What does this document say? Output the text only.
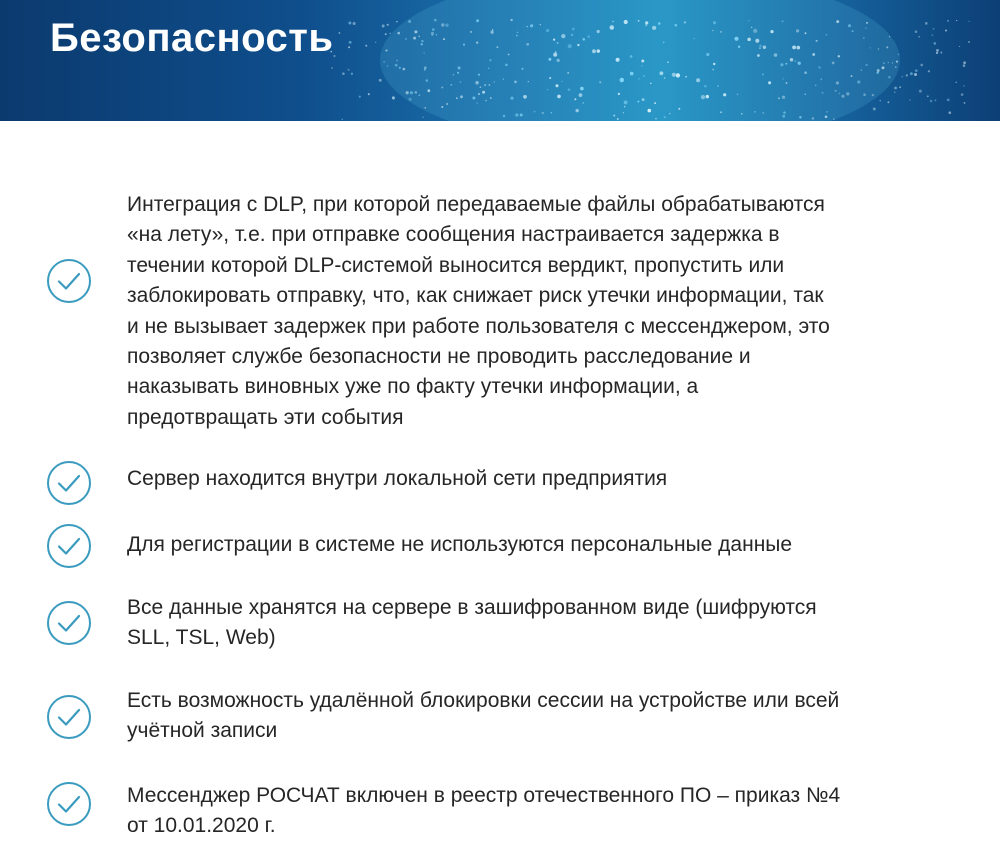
Безопасность

Интеграция с DLP, при которой передаваемые файлы обрабатываются
«на лету», т.е. при отправке сообщения настраивается задержка в
течении которой DLP-системой выносится вердикт, пропустить или
заблокировать отправку, что, как снижает риск утечки информации, так
и не вызывает задержек при работе пользователя с мессенджером, это
позволяет службе безопасности не проводить расследование и
наказывать виновных уже по факту утечки информации, а
предотвращать эти события

Сервер находится внутри локальной сети предприятия

Для регистрации в системе не используются персональные данные

Все данные хранятся на сервере в зашифрованном виде (шифруются
SLL, TSL, Web)

Есть возможность удалённой блокировки сессии на устройстве или всей
учётной записи

Мессенджер РОСЧАТ включен в реестр отечественного ПО – приказ №4
от 10.01.2020 г.
